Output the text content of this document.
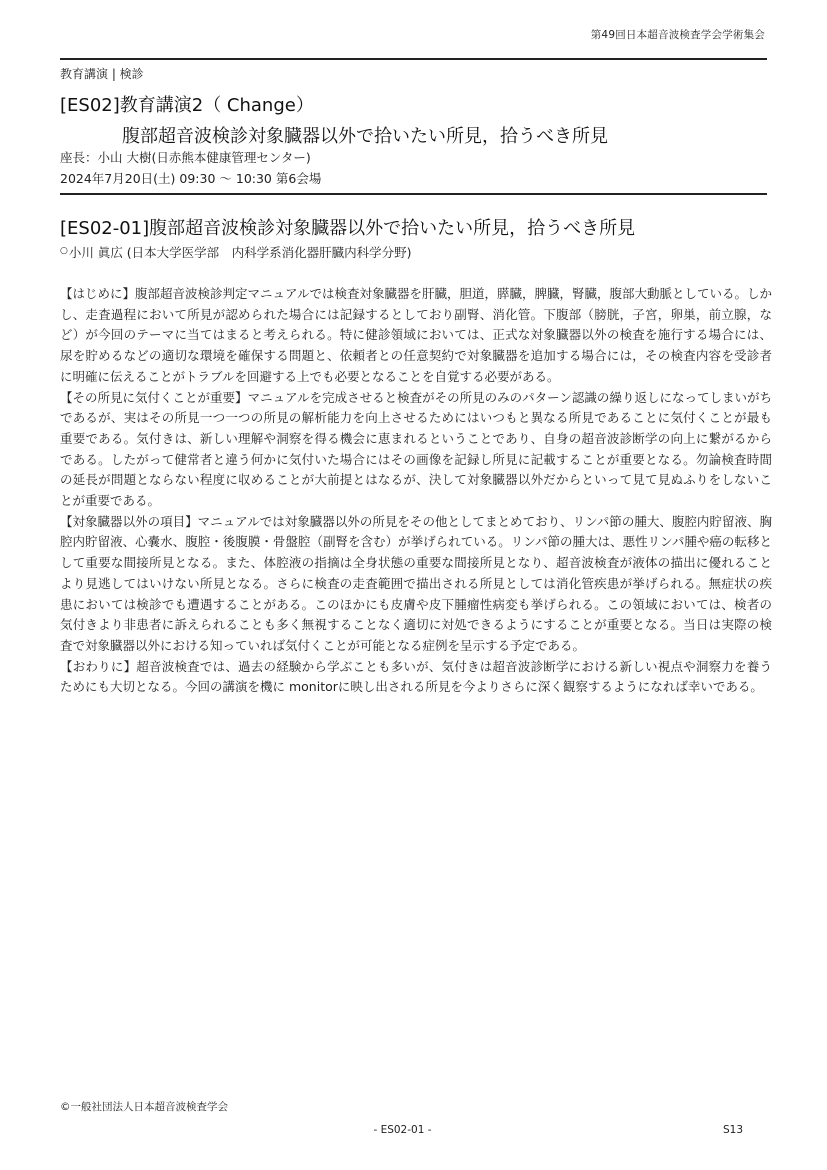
第49回日本超音波検査学会学術集会
教育講演 | 検診
[ES02]教育講演2（ Change）
腹部超音波検診対象臓器以外で拾いたい所見，拾うべき所見
座長：小山 大樹(日赤熊本健康管理センター)
2024年7月20日(土) 09:30 〜 10:30 第6会場
[ES02-01]腹部超音波検診対象臓器以外で拾いたい所見，拾うべき所見
○小川 眞広 (日本大学医学部　内科学系消化器肝臓内科学分野)

【はじめに】腹部超音波検診判定マニュアルでは検査対象臓器を肝臓，胆道，膵臓，脾臓，腎臓，腹部大動脈としている。しかし、走査過程において所見が認められた場合には記録するとしており副腎、消化管。下腹部（膀胱，子宮，卵巣，前立腺，など）が今回のテーマに当てはまると考えられる。特に健診領域においては、正式な対象臓器以外の検査を施行する場合には、尿を貯めるなどの適切な環境を確保する問題と、依頼者との任意契約で対象臓器を追加する場合には，その検査内容を受診者に明確に伝えることがトラブルを回避する上でも必要となることを自覚する必要がある。

【その所見に気付くことが重要】マニュアルを完成させると検査がその所見のみのパターン認識の繰り返しになってしまいがちであるが、実はその所見一つ一つの所見の解析能力を向上させるためにはいつもと異なる所見であることに気付くことが最も重要である。気付きは、新しい理解や洞察を得る機会に恵まれるということであり、自身の超音波診断学の向上に繋がるからである。したがって健常者と違う何かに気付いた場合にはその画像を記録し所見に記載することが重要となる。勿論検査時間の延長が問題とならない程度に収めることが大前提とはなるが、決して対象臓器以外だからといって見て見ぬふりをしないことが重要である。

【対象臓器以外の項目】マニュアルでは対象臓器以外の所見をその他としてまとめており、リンパ節の腫大、腹腔内貯留液、胸腔内貯留液、心嚢水、腹腔・後腹膜・骨盤腔（副腎を含む）が挙げられている。リンパ節の腫大は、悪性リンパ腫や癌の転移として重要な間接所見となる。また、体腔液の指摘は全身状態の重要な間接所見となり、超音波検査が液体の描出に優れることより見逃してはいけない所見となる。さらに検査の走査範囲で描出される所見としては消化管疾患が挙げられる。無症状の疾患においては検診でも遭遇することがある。このほかにも皮膚や皮下腫瘤性病変も挙げられる。この領域においては、検者の気付きより非患者に訴えられることも多く無視することなく適切に対処できるようにすることが重要となる。当日は実際の検査で対象臓器以外における知っていれば気付くことが可能となる症例を呈示する予定である。

【おわりに】超音波検査では、過去の経験から学ぶことも多いが、気付きは超音波診断学における新しい視点や洞察力を養うためにも大切となる。今回の講演を機に monitorに映し出される所見を今よりさらに深く観察するようになれば幸いである。

©一般社団法人日本超音波検査学会
- ES02-01 -	S13
